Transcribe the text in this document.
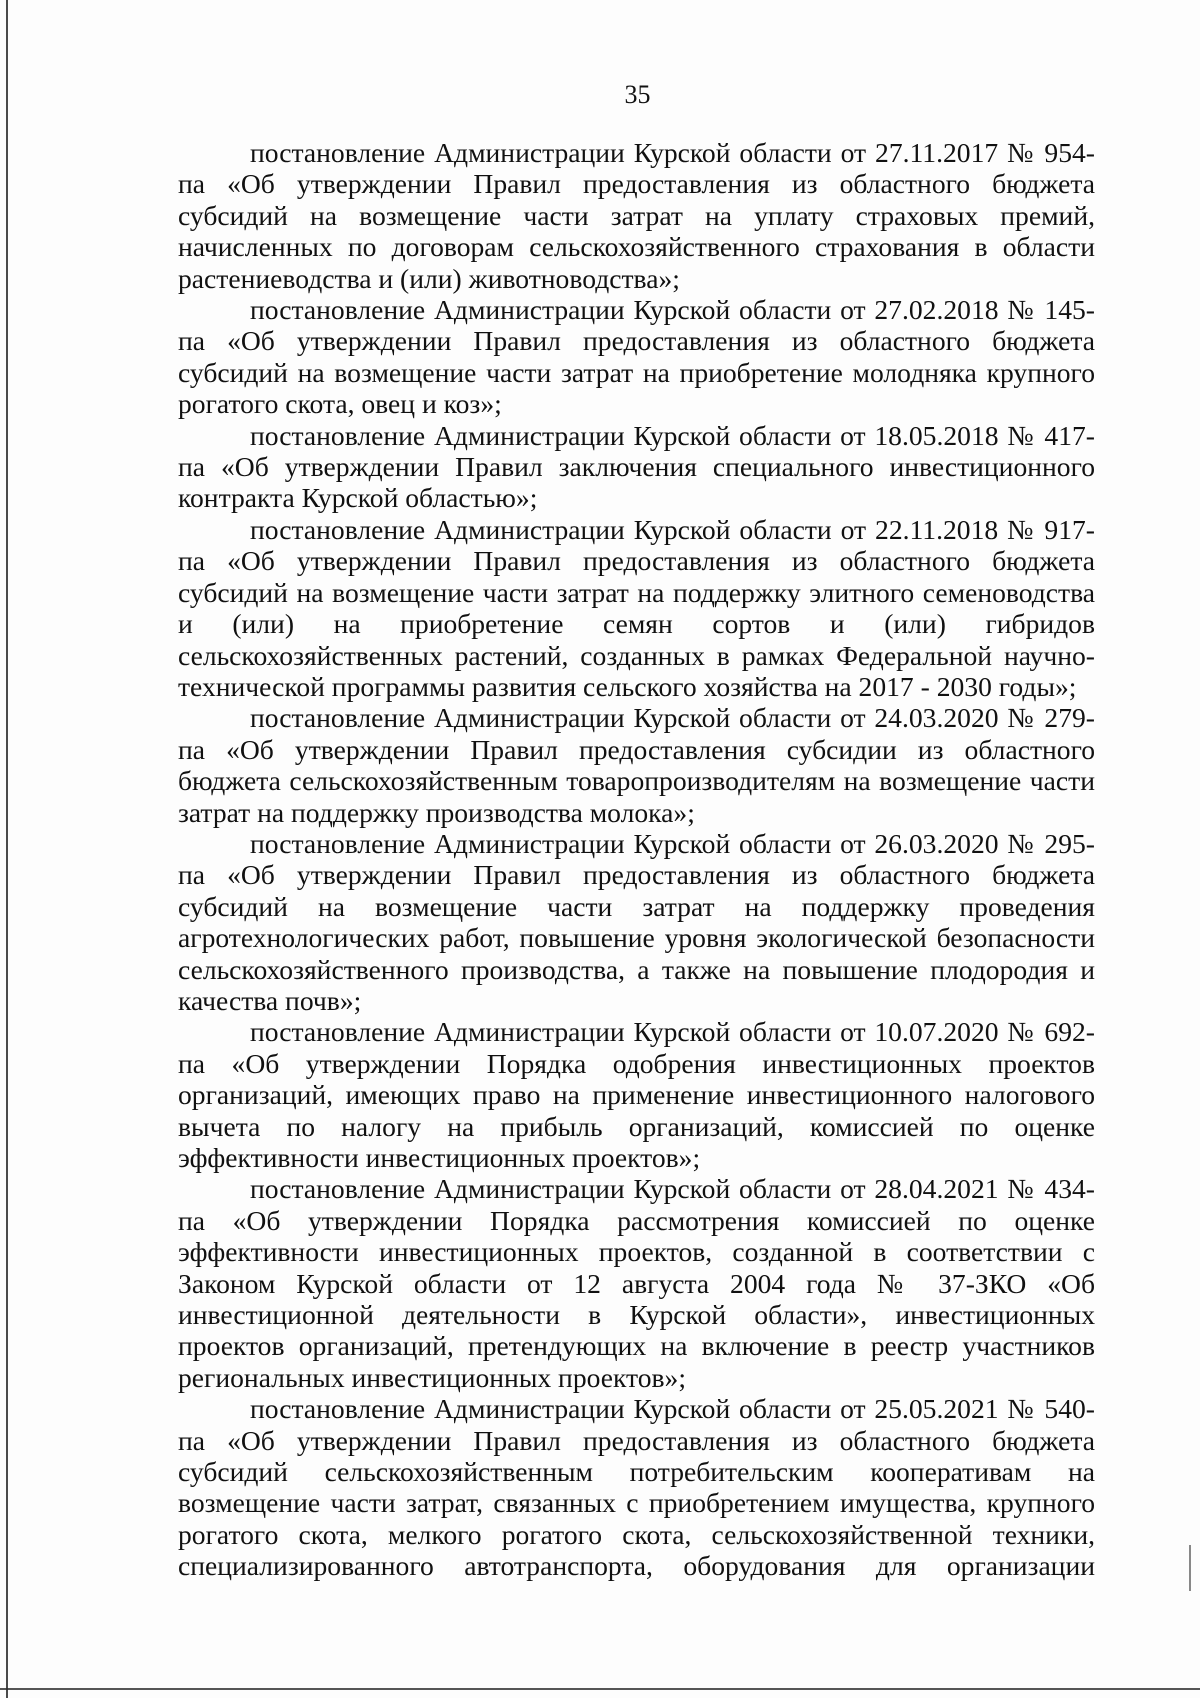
35

постановление Администрации Курской области от 27.11.2017 № 954-па «Об утверждении Правил предоставления из областного бюджета субсидий на возмещение части затрат на уплату страховых премий, начисленных по договорам сельскохозяйственного страхования в области растениеводства и (или) животноводства»;

постановление Администрации Курской области от 27.02.2018 № 145-па «Об утверждении Правил предоставления из областного бюджета субсидий на возмещение части затрат на приобретение молодняка крупного рогатого скота, овец и коз»;

постановление Администрации Курской области от 18.05.2018 № 417-па «Об утверждении Правил заключения специального инвестиционного контракта Курской областью»;

постановление Администрации Курской области от 22.11.2018 № 917-па «Об утверждении Правил предоставления из областного бюджета субсидий на возмещение части затрат на поддержку элитного семеноводства и (или) на приобретение семян сортов и (или) гибридов сельскохозяйственных растений, созданных в рамках Федеральной научно-технической программы развития сельского хозяйства на 2017 - 2030 годы»;

постановление Администрации Курской области от 24.03.2020 № 279-па «Об утверждении Правил предоставления субсидии из областного бюджета сельскохозяйственным товаропроизводителям на возмещение части затрат на поддержку производства молока»;

постановление Администрации Курской области от 26.03.2020 № 295-па «Об утверждении Правил предоставления из областного бюджета субсидий на возмещение части затрат на поддержку проведения агротехнологических работ, повышение уровня экологической безопасности сельскохозяйственного производства, а также на повышение плодородия и качества почв»;

постановление Администрации Курской области от 10.07.2020 № 692-па «Об утверждении Порядка одобрения инвестиционных проектов организаций, имеющих право на применение инвестиционного налогового вычета по налогу на прибыль организаций, комиссией по оценке эффективности инвестиционных проектов»;

постановление Администрации Курской области от 28.04.2021 № 434-па «Об утверждении Порядка рассмотрения комиссией по оценке эффективности инвестиционных проектов, созданной в соответствии с Законом Курской области от 12 августа 2004 года № 37-ЗКО «Об инвестиционной деятельности в Курской области», инвестиционных проектов организаций, претендующих на включение в реестр участников региональных инвестиционных проектов»;

постановление Администрации Курской области от 25.05.2021 № 540-па «Об утверждении Правил предоставления из областного бюджета субсидий сельскохозяйственным потребительским кооперативам на возмещение части затрат, связанных с приобретением имущества, крупного рогатого скота, мелкого рогатого скота, сельскохозяйственной техники, специализированного автотранспорта, оборудования для организации
